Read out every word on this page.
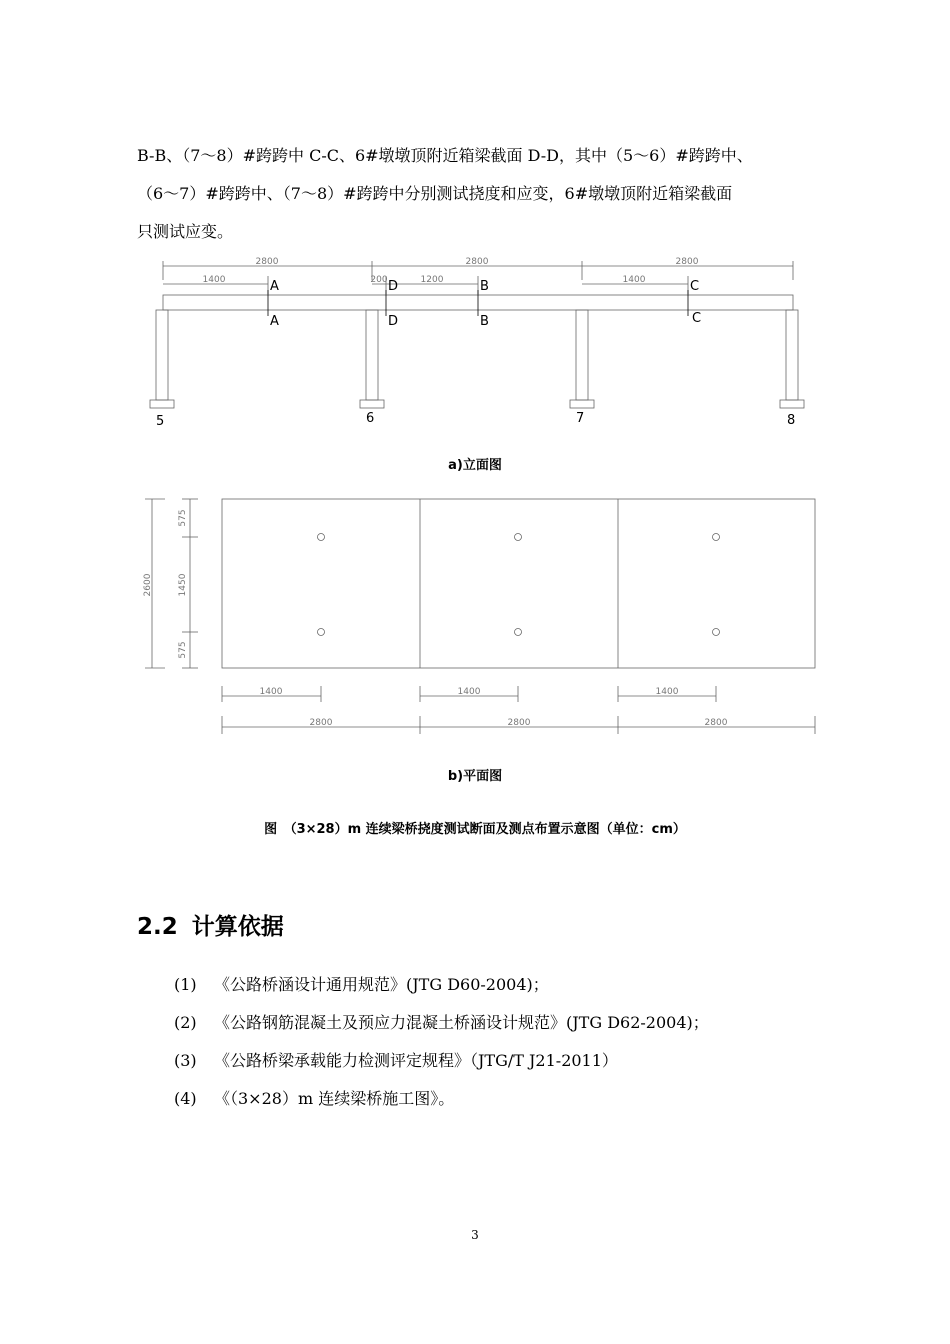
B-B、（7～8）#跨跨中 C-C、6#墩墩顶附近箱梁截面 D-D，其中（5～6）#跨跨中、
（6～7）#跨跨中、（7～8）#跨跨中分别测试挠度和应变，6#墩墩顶附近箱梁截面
只测试应变。
2800	2800	2800
1400	200	1200	1400
A	D	B	C
A	D	B	C
5	6	7	8
a)立面图
2600
575
1450
575
1400	1400	1400
2800	2800	2800
b)平面图
图　（3×28）m 连续梁桥挠度测试断面及测点布置示意图（单位：cm）
2.2 计算依据
(1) 《公路桥涵设计通用规范》(JTG D60-2004)；
(2) 《公路钢筋混凝土及预应力混凝土桥涵设计规范》(JTG D62-2004)；
(3) 《公路桥梁承载能力检测评定规程》（JTG/T J21-2011）
(4) 《（3×28）m 连续梁桥施工图》。
3
